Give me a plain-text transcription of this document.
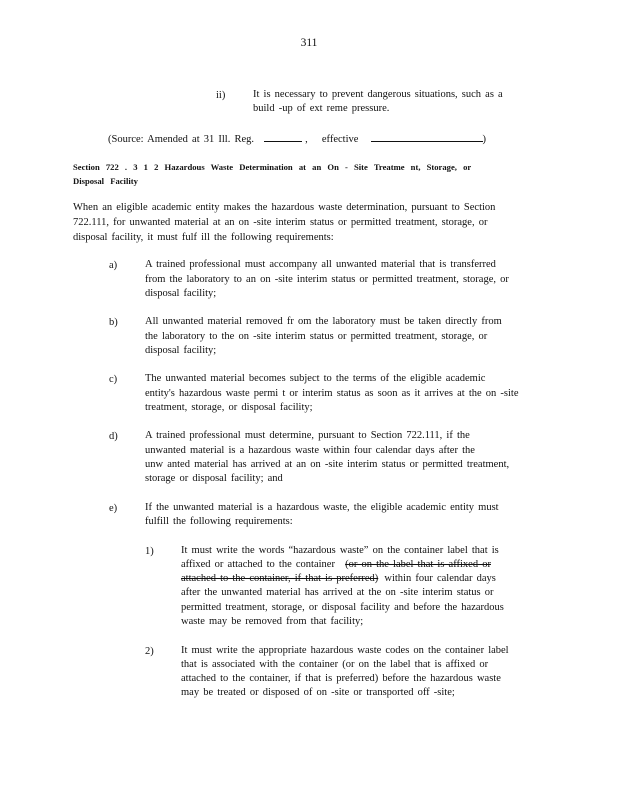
311
ii)	It is necessary to prevent dangerous situations, such as a
build -up of ext reme pressure.
(Source: Amended at 31 Ill. Reg.	, effective	)
Section 722 . 3 1 2 Hazardous Waste Determination at an On - Site Treatme nt, Storage, or
Disposal Facility
When an eligible academic entity makes the hazardous waste determination, pursuant to Section
722.111, for unwanted material at an on -site interim status or permitted treatment, storage, or
disposal facility, it must fulf ill the following requirements:
a)	A trained professional must accompany all unwanted material that is transferred
from the laboratory to an on -site interim status or permitted treatment, storage, or
disposal facility;
b)	All unwanted material removed fr om the laboratory must be taken directly from
the laboratory to the on -site interim status or permitted treatment, storage, or
disposal facility;
c)	The unwanted material becomes subject to the terms of the eligible academic
entity's hazardous waste permi t or interim status as soon as it arrives at the on -site
treatment, storage, or disposal facility;
d)	A trained professional must determine, pursuant to Section 722.111, if the
unwanted material is a hazardous waste within four calendar days after the
unw anted material has arrived at an on -site interim status or permitted treatment,
storage or disposal facility; and
e)	If the unwanted material is a hazardous waste, the eligible academic entity must
fulfill the following requirements:
1)	It must write the words “hazardous waste” on the container label that is
affixed or attached to the container (or on the label that is affixed or
attached to the container, if that is preferred) within four calendar days
after the unwanted material has arrived at the on -site interim status or
permitted treatment, storage, or disposal facility and before the hazardous
waste may be removed from that facility;
2)	It must write the appropriate hazardous waste codes on the container label
that is associated with the container (or on the label that is affixed or
attached to the container, if that is preferred) before the hazardous waste
may be treated or disposed of on -site or transported off -site;
